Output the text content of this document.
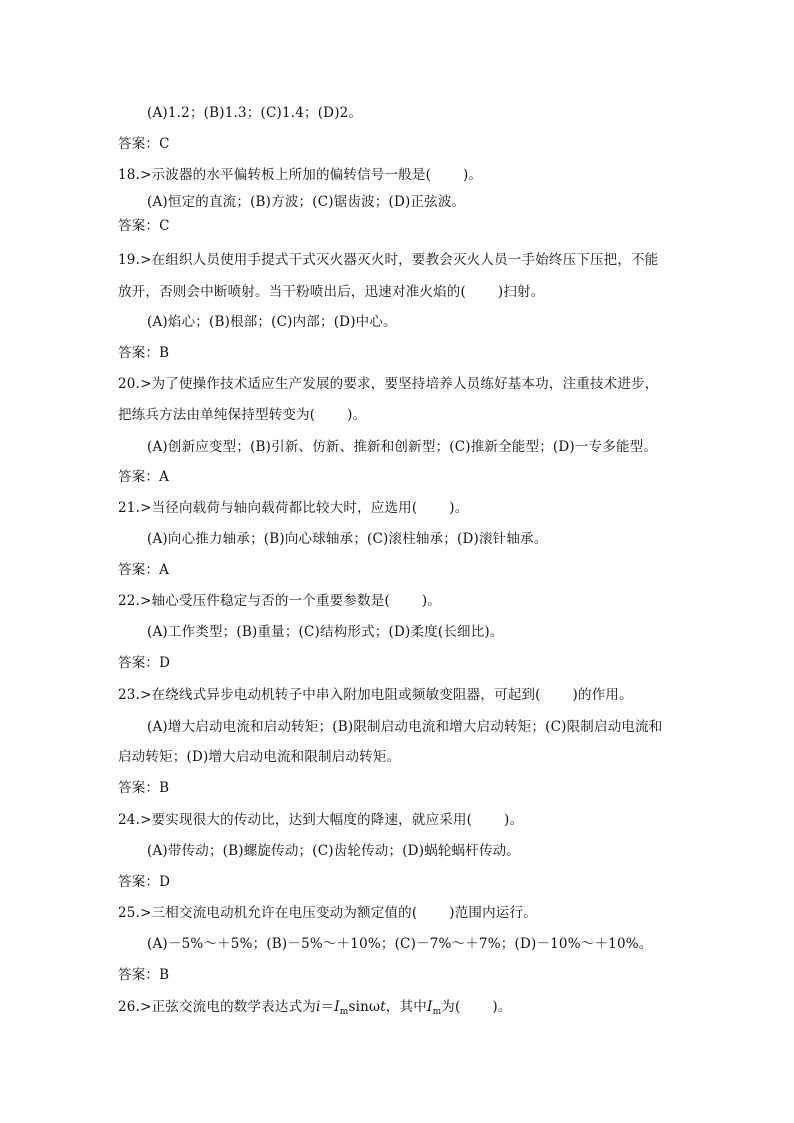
(A)1.2；(B)1.3；(C)1.4；(D)2。
答案：C
18.>示波器的水平偏转板上所加的偏转信号一般是(　　 )。
(A)恒定的直流；(B)方波；(C)锯齿波；(D)正弦波。
答案：C
19.>在组织人员使用手提式干式灭火器灭火时，要教会灭火人员一手始终压下压把，不能
放开，否则会中断喷射。当干粉喷出后，迅速对准火焰的(　　 )扫射。
(A)焰心；(B)根部；(C)内部；(D)中心。
答案：B
20.>为了使操作技术适应生产发展的要求，要坚持培养人员练好基本功，注重技术进步，
把练兵方法由单纯保持型转变为(　　 )。
(A)创新应变型；(B)引新、仿新、推新和创新型；(C)推新全能型；(D)一专多能型。
答案：A
21.>当径向载荷与轴向载荷都比较大时，应选用(　　 )。
(A)向心推力轴承；(B)向心球轴承；(C)滚柱轴承；(D)滚针轴承。
答案：A
22.>轴心受压件稳定与否的一个重要参数是(　　 )。
(A)工作类型；(B)重量；(C)结构形式；(D)柔度(长细比)。
答案：D
23.>在绕线式异步电动机转子中串入附加电阻或频敏变阻器，可起到(　　 )的作用。
(A)增大启动电流和启动转矩；(B)限制启动电流和增大启动转矩；(C)限制启动电流和
启动转矩；(D)增大启动电流和限制启动转矩。
答案：B
24.>要实现很大的传动比，达到大幅度的降速，就应采用(　　 )。
(A)带传动；(B)螺旋传动；(C)齿轮传动；(D)蜗轮蜗杆传动。
答案：D
25.>三相交流电动机允许在电压变动为额定值的(　　 )范围内运行。
(A)－5%～＋5%；(B)－5%～＋10%；(C)－7%～＋7%；(D)－10%～＋10%。
答案：B
26.>正弦交流电的数学表达式为$i=I_m\sin\omega t$，其中$I_m$为(　　 )。
